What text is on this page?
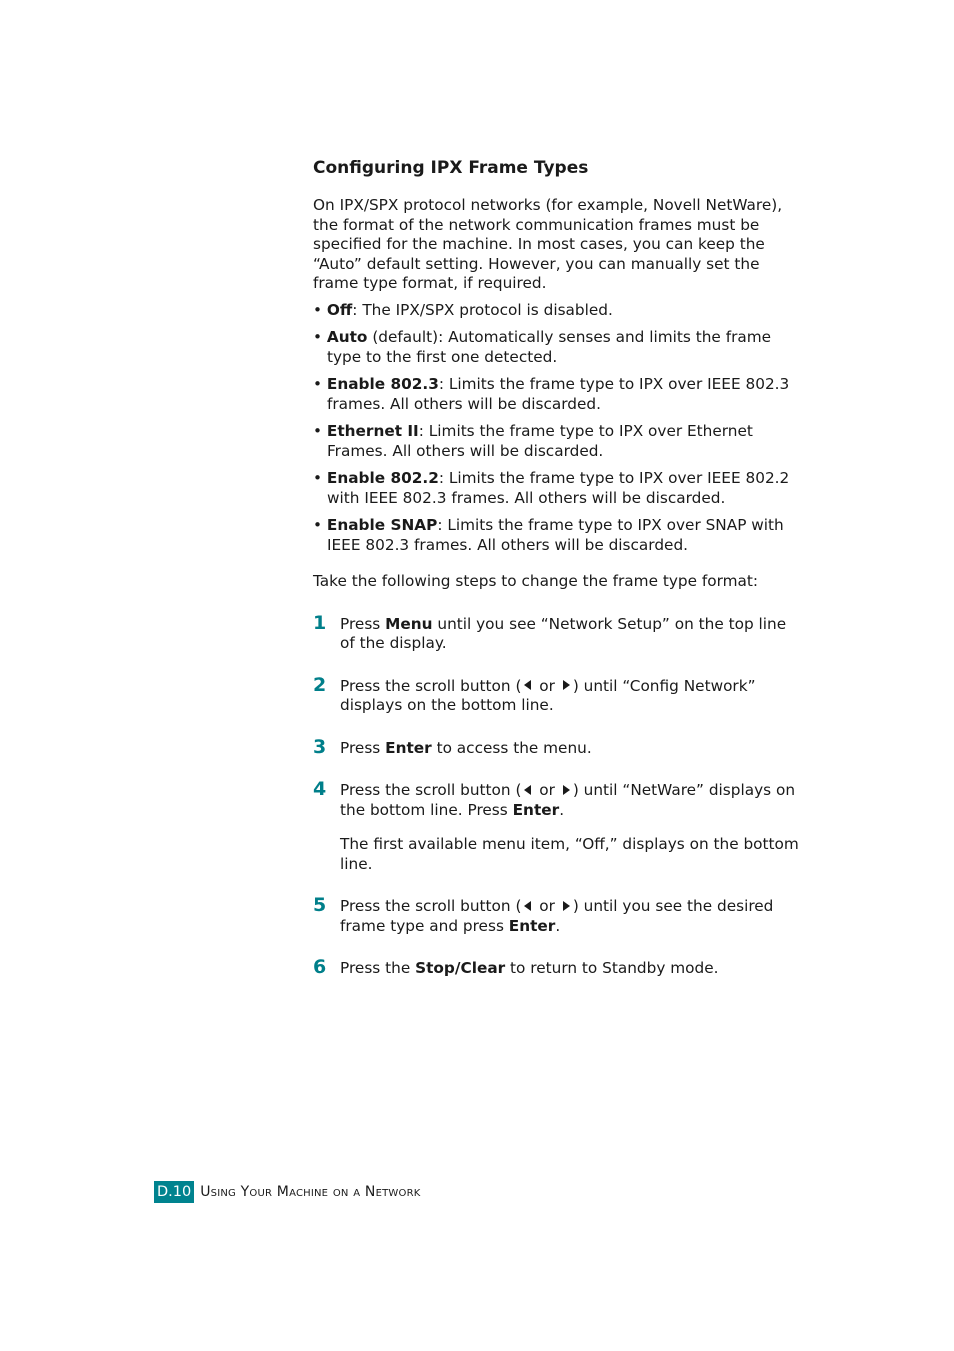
Configuring IPX Frame Types

On IPX/SPX protocol networks (for example, Novell NetWare), the format of the network communication frames must be specified for the machine. In most cases, you can keep the “Auto” default setting. However, you can manually set the frame type format, if required.

• Off: The IPX/SPX protocol is disabled.

• Auto (default): Automatically senses and limits the frame type to the first one detected.

• Enable 802.3: Limits the frame type to IPX over IEEE 802.3 frames. All others will be discarded.

• Ethernet II: Limits the frame type to IPX over Ethernet Frames. All others will be discarded.

• Enable 802.2: Limits the frame type to IPX over IEEE 802.2 with IEEE 802.3 frames. All others will be discarded.

• Enable SNAP: Limits the frame type to IPX over SNAP with IEEE 802.3 frames. All others will be discarded.

Take the following steps to change the frame type format:

1 Press Menu until you see “Network Setup” on the top line of the display.

2 Press the scroll button ( or ) until “Config Network” displays on the bottom line.

3 Press Enter to access the menu.

4 Press the scroll button ( or ) until “NetWare” displays on the bottom line. Press Enter.

The first available menu item, “Off,” displays on the bottom line.

5 Press the scroll button ( or ) until you see the desired frame type and press Enter.

6 Press the Stop/Clear to return to Standby mode.

D.10 Using Your Machine on a Network
